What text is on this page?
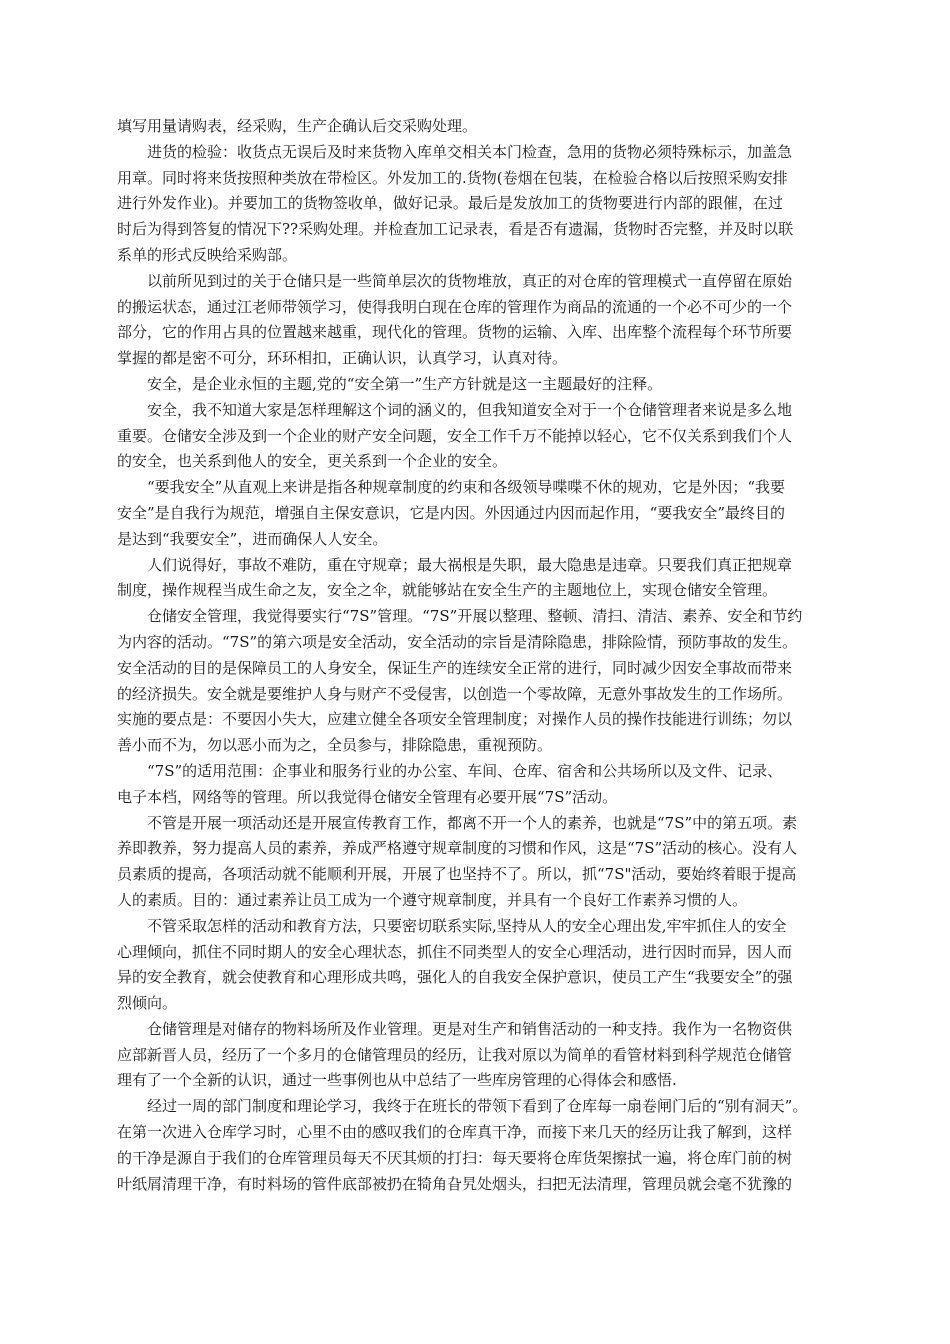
填写用量请购表，经采购，生产企确认后交采购处理。
进货的检验：收货点无误后及时来货物入库单交相关本门检查，急用的货物必须特殊标示，加盖急
用章。同时将来货按照种类放在带检区。外发加工的.货物(卷烟在包装，在检验合格以后按照采购安排
进行外发作业)。并要加工的货物签收单，做好记录。最后是发放加工的货物要进行内部的跟催，在过
时后为得到答复的情况下??采购处理。并检查加工记录表，看是否有遗漏，货物时否完整，并及时以联
系单的形式反映给采购部。
以前所见到过的关于仓储只是一些简单层次的货物堆放，真正的对仓库的管理模式一直停留在原始
的搬运状态，通过江老师带领学习，使得我明白现在仓库的管理作为商品的流通的一个必不可少的一个
部分，它的作用占具的位置越来越重，现代化的管理。货物的运输、入库、出库整个流程每个环节所要
掌握的都是密不可分，环环相扣，正确认识，认真学习，认真对待。
安全，是企业永恒的主题,党的“安全第一”生产方针就是这一主题最好的注释。
安全，我不知道大家是怎样理解这个词的涵义的，但我知道安全对于一个仓储管理者来说是多么地
重要。仓储安全涉及到一个企业的财产安全问题，安全工作千万不能掉以轻心，它不仅关系到我们个人
的安全，也关系到他人的安全，更关系到一个企业的安全。
“要我安全”从直观上来讲是指各种规章制度的约束和各级领导喋喋不休的规劝，它是外因；“我要
安全”是自我行为规范，增强自主保安意识，它是内因。外因通过内因而起作用，“要我安全”最终目的
是达到“我要安全”，进而确保人人安全。
人们说得好，事故不难防，重在守规章；最大祸根是失职，最大隐患是违章。只要我们真正把规章
制度，操作规程当成生命之友，安全之伞，就能够站在安全生产的主题地位上，实现仓储安全管理。
仓储安全管理，我觉得要实行“7S”管理。“7S”开展以整理、整顿、清扫、清洁、素养、安全和节约
为内容的活动。“7S”的第六项是安全活动，安全活动的宗旨是清除隐患，排除险情，预防事故的发生。
安全活动的目的是保障员工的人身安全，保证生产的连续安全正常的进行，同时减少因安全事故而带来
的经济损失。安全就是要维护人身与财产不受侵害，以创造一个零故障，无意外事故发生的工作场所。
实施的要点是：不要因小失大，应建立健全各项安全管理制度；对操作人员的操作技能进行训练；勿以
善小而不为，勿以恶小而为之，全员参与，排除隐患，重视预防。
“7S”的适用范围：企事业和服务行业的办公室、车间、仓库、宿舍和公共场所以及文件、记录、
电子本档，网络等的管理。所以我觉得仓储安全管理有必要开展“7S”活动。
不管是开展一项活动还是开展宣传教育工作，都离不开一个人的素养，也就是“7S”中的第五项。素
养即教养，努力提高人员的素养，养成严格遵守规章制度的习惯和作风，这是“7S”活动的核心。没有人
员素质的提高，各项活动就不能顺利开展，开展了也坚持不了。所以，抓“7S"活动，要始终着眼于提高
人的素质。目的：通过素养让员工成为一个遵守规章制度，并具有一个良好工作素养习惯的人。
不管采取怎样的活动和教育方法，只要密切联系实际,坚持从人的安全心理出发,牢牢抓住人的安全
心理倾向，抓住不同时期人的安全心理状态，抓住不同类型人的安全心理活动，进行因时而异，因人而
异的安全教育，就会使教育和心理形成共鸣，强化人的自我安全保护意识，使员工产生“我要安全”的强
烈倾向。
仓储管理是对储存的物料场所及作业管理。更是对生产和销售活动的一种支持。我作为一名物资供
应部新晋人员，经历了一个多月的仓储管理员的经历，让我对原以为简单的看管材料到科学规范仓储管
理有了一个全新的认识，通过一些事例也从中总结了一些库房管理的心得体会和感悟.
经过一周的部门制度和理论学习，我终于在班长的带领下看到了仓库每一扇卷闸门后的“别有洞天”。
在第一次进入仓库学习时，心里不由的感叹我们的仓库真干净，而接下来几天的经历让我了解到，这样
的干净是源自于我们的仓库管理员每天不厌其烦的打扫：每天要将仓库货架擦拭一遍，将仓库门前的树
叶纸屑清理干净，有时料场的管件底部被扔在犄角旮旯处烟头，扫把无法清理，管理员就会毫不犹豫的
